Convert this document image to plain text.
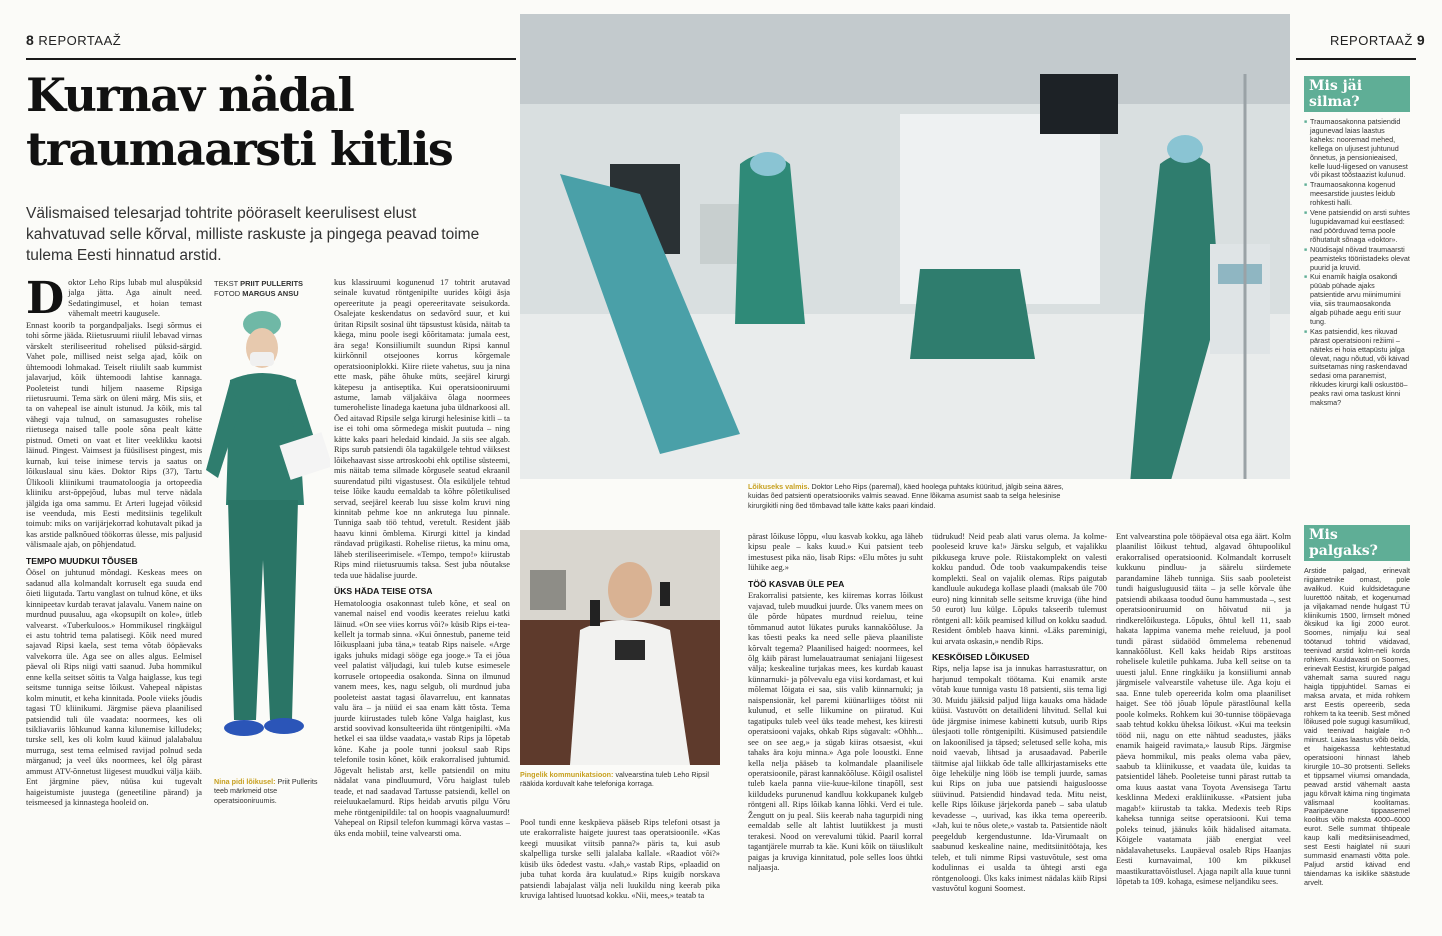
8 REPORTAAŽ	REPORTAAŽ 9
Kurnav nädal
traumaarsti kitlis
Välismaised telesarjad tohtrite pööraselt keerulisest elust kahvatuvad selle kõrval, milliste raskuste ja pingega peavad toime tulema Eesti hinnatud arstid.
D oktor Leho Rips lubab mul aluspüksid jalga jätta. Aga ainult need. Sedatingimusel, et hoian temast vähemalt meetri kaugusele.

Ennast koorib ta porgandpaljaks. Isegi sõrmus ei tohi sõrme jääda. Riietusruumi riiulil lebavad virnas värskelt steriliseeritud rohelised püksid-särgid. Vahet pole, millised neist selga ajad, kõik on ühtemoodi lohmakad. Teiselt riiulilt saab kummist jalavarjud, kõik ühtemoodi lahtise kannaga. Pooleteist tundi hiljem naaseme Ripsiga riietusruumi. Tema särk on üleni märg. Mis siis, et ta on vahepeal ise ainult istunud. Ja kõik, mis tal vähegi vaja tulnud, on samasugustes rohelise riietusega naised talle poole sõna pealt kätte pistnud. Ometi on vaat et liter veeklikku kaotsi läinud. Pingest. Vaimsest ja füüsilisest pingest, mis kurnab, kui teise inimese tervis ja saatus on lõikuslaual sinu käes. Doktor Rips (37), Tartu Ülikooli kliinikumi traumatoloogia ja ortopeedia kliiniku arst-õppejõud, lubas mul terve nädala jälgida iga oma sammu. Et Arteri lugejad võiksid ise veenduda, mis Eesti meditsiinis tegelikult toimub: miks on varijärjekorrad kohutavalt pikad ja kas arstide palknõued töökorras ülesse, mis paljusid välismaale ajab, on põhjendatud.

TEMPO MUUDKUI TÕUSEB

Öösel on juhtunud mõndagi. Keskeas mees on sadanud alla kolmandalt korruselt ega suuda end õieti liigutada. Tartu vanglast on tulnud kõne, et üks kinnipeetav kurdab teravat jalavalu. Vanem naine on murdnud puusaluu, aga «kopsupilt on kole», ütleb valvearst. «Tuberkuloos.» Hommikusel ringkäigul ei astu tohtrid tema palatisegi. Kõik need mured sajavad Ripsi kaela, sest tema võtab ööpäevaks valvekorra üle. Aga see on alles algus. Eelmisel päeval oli Rips niigi vatti saanud. Juba hommikul enne kella seitset sõitis ta Valga haiglasse, kus tegi seitsme tunniga seitse lõikust. Vahepeal näpistas kolm minutit, et keha kinnitada. Poole viieks jõudis tagasi TÜ kliinikumi. Järgmise päeva plaanilised patsiendid tuli üle vaadata: noormees, kes oli tsikliavariis lõhkunud kanna kilunemise killudeks; turske sell, kes oli kolm kuud käinud jalalabaluu murruga, sest tema eelmised ravijad polnud seda märganud; ja veel üks noormees, kel õlg pärast ammust ATV-õnnetust liigesest muudkui välja käib. Ent järgmine päev, nüüsa kui tugevalt haigeistumiste juustega (geneetiline pärand) ja teismeesed ja kinnastega hooleid on.

TEKST PRIIT PULLERITS
FOTOD MARGUS ANSU
Nina pidi lõikusel: Priit Pullerits teeb märkmeid otse operatsiooniruumis.

kus klassiruumi kogunenud 17 tohtrit arutavad seinale kuvatud röntgenipilte uurides kõigi äsja opereeritute ja peagi opereeritavate seisukorda. Osalejate keskendatus on sedavõrd suur, et kui üritan Ripsilt sosinal üht täpsustust küsida, näitab ta käega, minu poole isegi kõõritamata: jumala eest, ära sega! Konsiiliumilt suundun Ripsi kannul kiirkõnnil otsejoones korrus kõrgemale operatsiooniplokki. Kiire riiete vahetus, suu ja nina ette mask, pähe õhuke müts, seejärel kirurgi kätepesu ja antiseptika. Kui operatsiooniruumi astume, lamab väljakäiva õlaga noormees tumeroheliste linadega kaetuna juba üldnarkoosi all. Õed aitavad Ripsile selga kirurgi helesinise kitli – ta ise ei tohi oma sõrmedega miskit puutuda – ning kätte kaks paari heledaid kindaid. Ja siis see algab. Rips surub patsiendi õla tagakülgele tehtud väiksest lõikehaavast sisse artroskoobi ehk optilise süsteemi, mis näitab tema silmade kõrgusele seatud ekraanil suurendatud pilti vigastusest. Õla esiküljele tehtud teise lõike kaudu eemaldab ta kõhre põletikulised servad, seejärel keerab luu sisse kolm kruvi ning kinnitab pehme koe nn ankrutega luu pinnale. Tunniga saab töö tehtud, veretult. Resident jääb haavu kinni õmblema. Kirurgi kittel ja kindad rändavad prügikasti. Rohelise riietus, ka minu oma, läheb steriliseerimisele. «Tempo, tempo!» kiirustab Rips mind riietusruumis taksa. Sest juba nõutakse teda uue hädalise juurde.

ÜKS HÄDA TEISE OTSA

Hematoloogia osakonnast tuleb kõne, et seal on vanemal naisel end voodis keerates reieluu katki läinud. «On see viies korrus või?» küsib Rips ei-tea-kellelt ja tormab sinna. «Kui õnnestub, paneme teid lõikusplaani juba täna,» teatab Rips naisele. «Arge igaks juhuks midagi sööge ega jooge.» Ta ei jõua veel palatist väljudagi, kui tuleb kutse esimesele korrusele ortopeedia osakonda. Sinna on ilmunud vanem mees, kes, nagu selgub, oli murdnud juba pooleteist aastat tagasi õlavarreluu, ent kannatas valu ära – ja nüüd ei saa enam kätt tõsta. Tema juurde kiirustades tuleb kõne Valga haiglast, kus arstid soovivad konsulteerida üht röntgenipilti. «Ma hetkel ei saa üldse vaadata,» vastab Rips ja lõpetab kõne. Kahe ja poole tunni jooksul saab Rips telefonile tosin kõnet, kõik erakorralised juhtumid. Jõgevalt helistab arst, kelle patsiendil on mitu nädalat vana pindluumurd, Võru haiglast tuleb teade, et nad saadavad Tartusse patsiendi, kellel on reieluukaelamurd. Rips heidab arvutis pilgu Võru mehe röntgenipildile: tal on hoopis vaagnaluumurd! Vahepeal on Ripsil telefon kummagi kõrva vastas – üks enda mobiil, teine valvearsti oma.

Lõikuseks valmis. Doktor Leho Rips (paremal), käed hoolega puhtaks küüritud, jälgib seina ääres, kuidas õed patsienti operatsiooniks valmis seavad. Enne lõikama asumist saab ta selga helesinise kirurgikitli ning õed tõmbavad talle kätte kaks paari kindaid.
Pingelik kommunikatsioon: valvearstina tuleb Leho Ripsil rääkida korduvalt kahe telefoniga korraga.

Pool tundi enne keskpäeva pääseb Rips telefoni otsast ja ute erakorraliste haigete juurest taas operatsioonile. «Kas keegi muusikat viitsib panna?» päris ta, kui asub skalpelliga turske selli jalalaba kallale. «Raadiot või?» küsib üks õdedest vastu. «Jah,» vastab Rips, «plaadid on juba tuhat korda ära kuulatud.» Rips kuigib norskava patsiendi labajalast välja neli luukildu ning keerab pika kruviga lahtised luuotsad kokku. «Nii, mees,» teatab ta

pärast lõikuse lõppu, «luu kasvab kokku, aga läheb kipsu peale – kaks kuud.» Kui patsient teeb imestusest pika näo, lisab Rips: «Elu mõtes ju suht lühike aeg.»

TÖÖ KASVAB ÜLE PEA

Erakorralisi patsiente, kes kiiremas korras lõikust vajavad, tuleb muudkui juurde. Üks vanem mees on üle põrde hüpates murdnud reieluu, teine tõmmanud autot lükates puruks kannakõõluse. Ja kas tõesti peaks ka need selle päeva plaaniliste kõrvalt tegema? Plaanilised haiged: noormees, kel õlg käib pärast lumelauatraumat seniajani liigesest välja; keskealine turjakas mees, kes kurdab kauast künnarnuki- ja põlvevalu ega viisi kordamast, et kui mõlemat lõigata ei saa, siis valib künnarnuki; ja naispensionär, kel paremi küünarliiges töötst nii kulunud, et selle liikumine on piiratud. Kui tagatipuks tuleb veel üks teade mehest, kes kiiresti operatsiooni vajaks, ohkab Rips sügavalt: «Ohhh... see on see aeg,» ja sügab kiiras otsaesist, «kui tahaks ära koju minna.» Aga pole looustki. Enne kella nelja pääseb ta kolmandale plaanilisele operatsioonile, pärast kannakõõluse. Kõigil osalistel tuleb kaela panna viie-kuue-kilone tinapõll, sest kiildudeks purunenud kandluu kokkupanek kulgeb röntgeni all. Rips lõikab kanna lõhki. Verd ei tule. Žengutt on ju peal. Siis keerab naha tagurpidi ning eemaldab selle alt lahtist luutükkest ja musti terakesi. Nood on verevalumi tükid. Paaril korral tagantjärele murrab ta käe. Kuni kõik on täiuslikult paigas ja kruviga kinnitatud, pole selles loos ühtki naljaasja.

tüdrukud! Neid peab alati varus olema. Ja kolme-pooleseid kruve ka!» Järsku selgub, et vajalikku pikkusega kruve pole. Riistakomplekt on valesti kokku pandud. Õde toob vaakumpakendis teise komplekti. Seal on vajalik olemas. Rips paigutab kandluule aukudega kollase plaadi (maksab üle 700 euro) ning kinnitab selle seitsme kruviga (ühe hind 50 eurot) luu külge. Lõpuks takseerib tulemust röntgeni all: kõik peamised killud on kokku saadud. Resident õmbleb haava kinni. «Läks pareminigi, kui arvata oskasin,» nendib Rips.

KESKÖISED LÕIKUSED

Rips, nelja lapse isa ja innukas harrastusrattur, on harjunud tempokalt töötama. Kui enamik arste võtab kuue tunniga vastu 18 patsienti, siis tema ligi 30. Muidu jääksid paljud liiga kauaks oma hädade küüsi. Vastuvõtt on detailideni lihvitud. Sellal kui üde järgmise inimese kabinetti kutsub, uurib Rips ülesjaoti tolle röntgenipilti. Küsimused patsiendile on lakoonilised ja täpsed; seletused selle koha, mis noid vaevab, lihtsad ja arusaadavad. Paberile täitmise ajal liikkab õde talle allkirjastamiseks ette õige lehekülje ning lööb ise templi juurde, samas kui Rips on juba uue patsiendi haigusloosse süüvinud. Patsiendid hindavad teda. Mitu neist, kelle Rips lõikuse järjekorda paneb – saba ulatub kevadesse –, uurivad, kas ikka tema opereerib. «Jah, kui te nõus olete,» vastab ta. Patsientide näolt peegeldub kergendustunne. Ida-Virumaalt on saabunud keskealine naine, meditsiinitöötaja, kes teleb, et tuli nimme Ripsi vastuvõtule, sest oma kodulinnas ei usalda ta ühtegi arsti ega röntgenoloogi. Üks kaks inimest nädalas käib Ripsi vastuvõtul koguni Soomest.

Ent valvearstina pole tööpäeval otsa ega äärt. Kolm plaanilist lõikust tehtud, algavad õhtupoolikul erakorralised operatsioonid. Kolmandalt korruselt kukkunu pindluu- ja säärelu siirdemete parandamine läheb tunniga. Siis saab pooleteist tundi haigusluguusid täita – ja selle kõrvale ühe patsiendi abikaasa toodud õunu hammustada –, sest operatsiooniruumid on hõivatud nii ja rindkerelõikustega. Lõpuks, õhtul kell 11, saab hakata lappima vanema mehe reieluud, ja pool tundi pärast südaööd õmmelema rebenenud kannakõõlust. Kell kaks heidab Rips arstitoas rohelisele kuletile puhkama. Juba kell seitse on ta uuesti jalul. Enne ringkäiku ja konsiiliumi annab järgmisele valvearstile vahetuse üle. Aga koju ei saa. Enne tuleb opereerida kolm oma plaaniliset haiget. See töö jõuab lõpule pärastlõunal kella poole kolmeks. Rohkem kui 30-tunnise tööpäevaga saab tehtud kokku üheksa lõikust. «Kui ma teeksin tööd nii, nagu on ette nähtud seadustes, jääks enamik haigeid ravimata,» lausub Rips. Järgmise päeva hommikul, mis peaks olema vaba päev, saabub ta kliinikusse, et vaadata üle, kuidas ta patsientidel läheb. Pooleteise tunni pärast ruttab ta oma kuus aastat vana Toyota Avensisega Tartu kesklinna Medexi erakliinikusse. «Patsient juba magab!» kiirustab ta takka. Medexis teeb Rips kaheksa tunniga seitse operatsiooni. Kui tema poleks teinud, jäänuks kõik hädalised aitamata. Kõigele vaatamata jääb energiat veel nädalavahetuseks. Laupäeval osaleb Rips Haanjas Eesti kurnavaimal, 100 km pikkusel maastikurattavõistlusel. Ajaga napilt alla kuue tunni lõpetab ta 109. kohaga, esimese neljandiku sees.

Mis jäi silma?
■ Traumaosakonna patsiendid jagunevad laias laastus kaheks: nooremad mehed, kellega on uljusest juhtunud õnnetus, ja pensionieaised, kelle luud-liigesed on vanusest või pikast töõstaazist kulunud.
■ Traumaosakonna kogenud meesarstide juustes leidub rohkesti halli.
■ Vene patsiendid on arsti suhtes lugupidavamad kui eestlased: nad pöörduvad tema poole rõhutatult sõnaga «doktor».
■ Nüüdisajal nõivad traumaarsti peamisteks tööriistadeks olevat puurid ja kruvid.
■ Kui enamik haigla osakondi püüab pühade ajaks patsientide arvu miinimumini viia, siis traumaosakonda algab pühade aegu eriti suur tung.
■ Kas patsiendid, kes rikuvad pärast operatsiooni režiimi – näiteks ei hoia ettapüstu jalga ülevat, nagu nõutud, või käivad suitsetamas ning raskendavad sedasi oma paranemist, rikkudes kirurgi kalli oskustöö– peaks ravi oma taskust kinni maksma?
Mis palgaks?
Arstide palgad, erinevalt riigiametnike omast, pole avalikud. Kuid kuldsidetagune luurettöö näitab, et kogenumad ja viljakamad nende hulgast TÜ kliinikumis 1500, lirmselt möned õksikud ka ligi 2000 eurot. Soomes, nimjalju kui seal töötanud tohtrid väidavad, teenivad arstid kolm-neli korda rohkem. Kuuldavasti on Soomes, erinevalt Eestist, kirurgide palgad vähemalt sama suured nagu haigla tippjuhtidel. Samas ei maksa arvata, et mida rohkem arst Eestis opereerib, seda rohkem ta ka teenib. Sest mõned lõikused pole sugugi kasumlikud, vaid teenivad haiglale n-ö miinust. Laias laastus võib öelda, et haigekassa kehtestatud operatsiooni hinnast läheb kirurgile 10–30 protsenti. Selleks et tippsamel viiumsi omandada, peavad arstid vähemalt aasta jagu kõrvalt käima ning tingimata välismaal koolitamas. Paaripäevane tippaasemel koolitus võib maksta 4000–6000 eurot. Selle summat tihtipeale kaup kalli meditsiiniseadmed, sest Eesti haiglatel nii suuri summasid enamasti võtta pole. Paljud arstid käivad end täiendamas ka isiklike säästude arvelt.
